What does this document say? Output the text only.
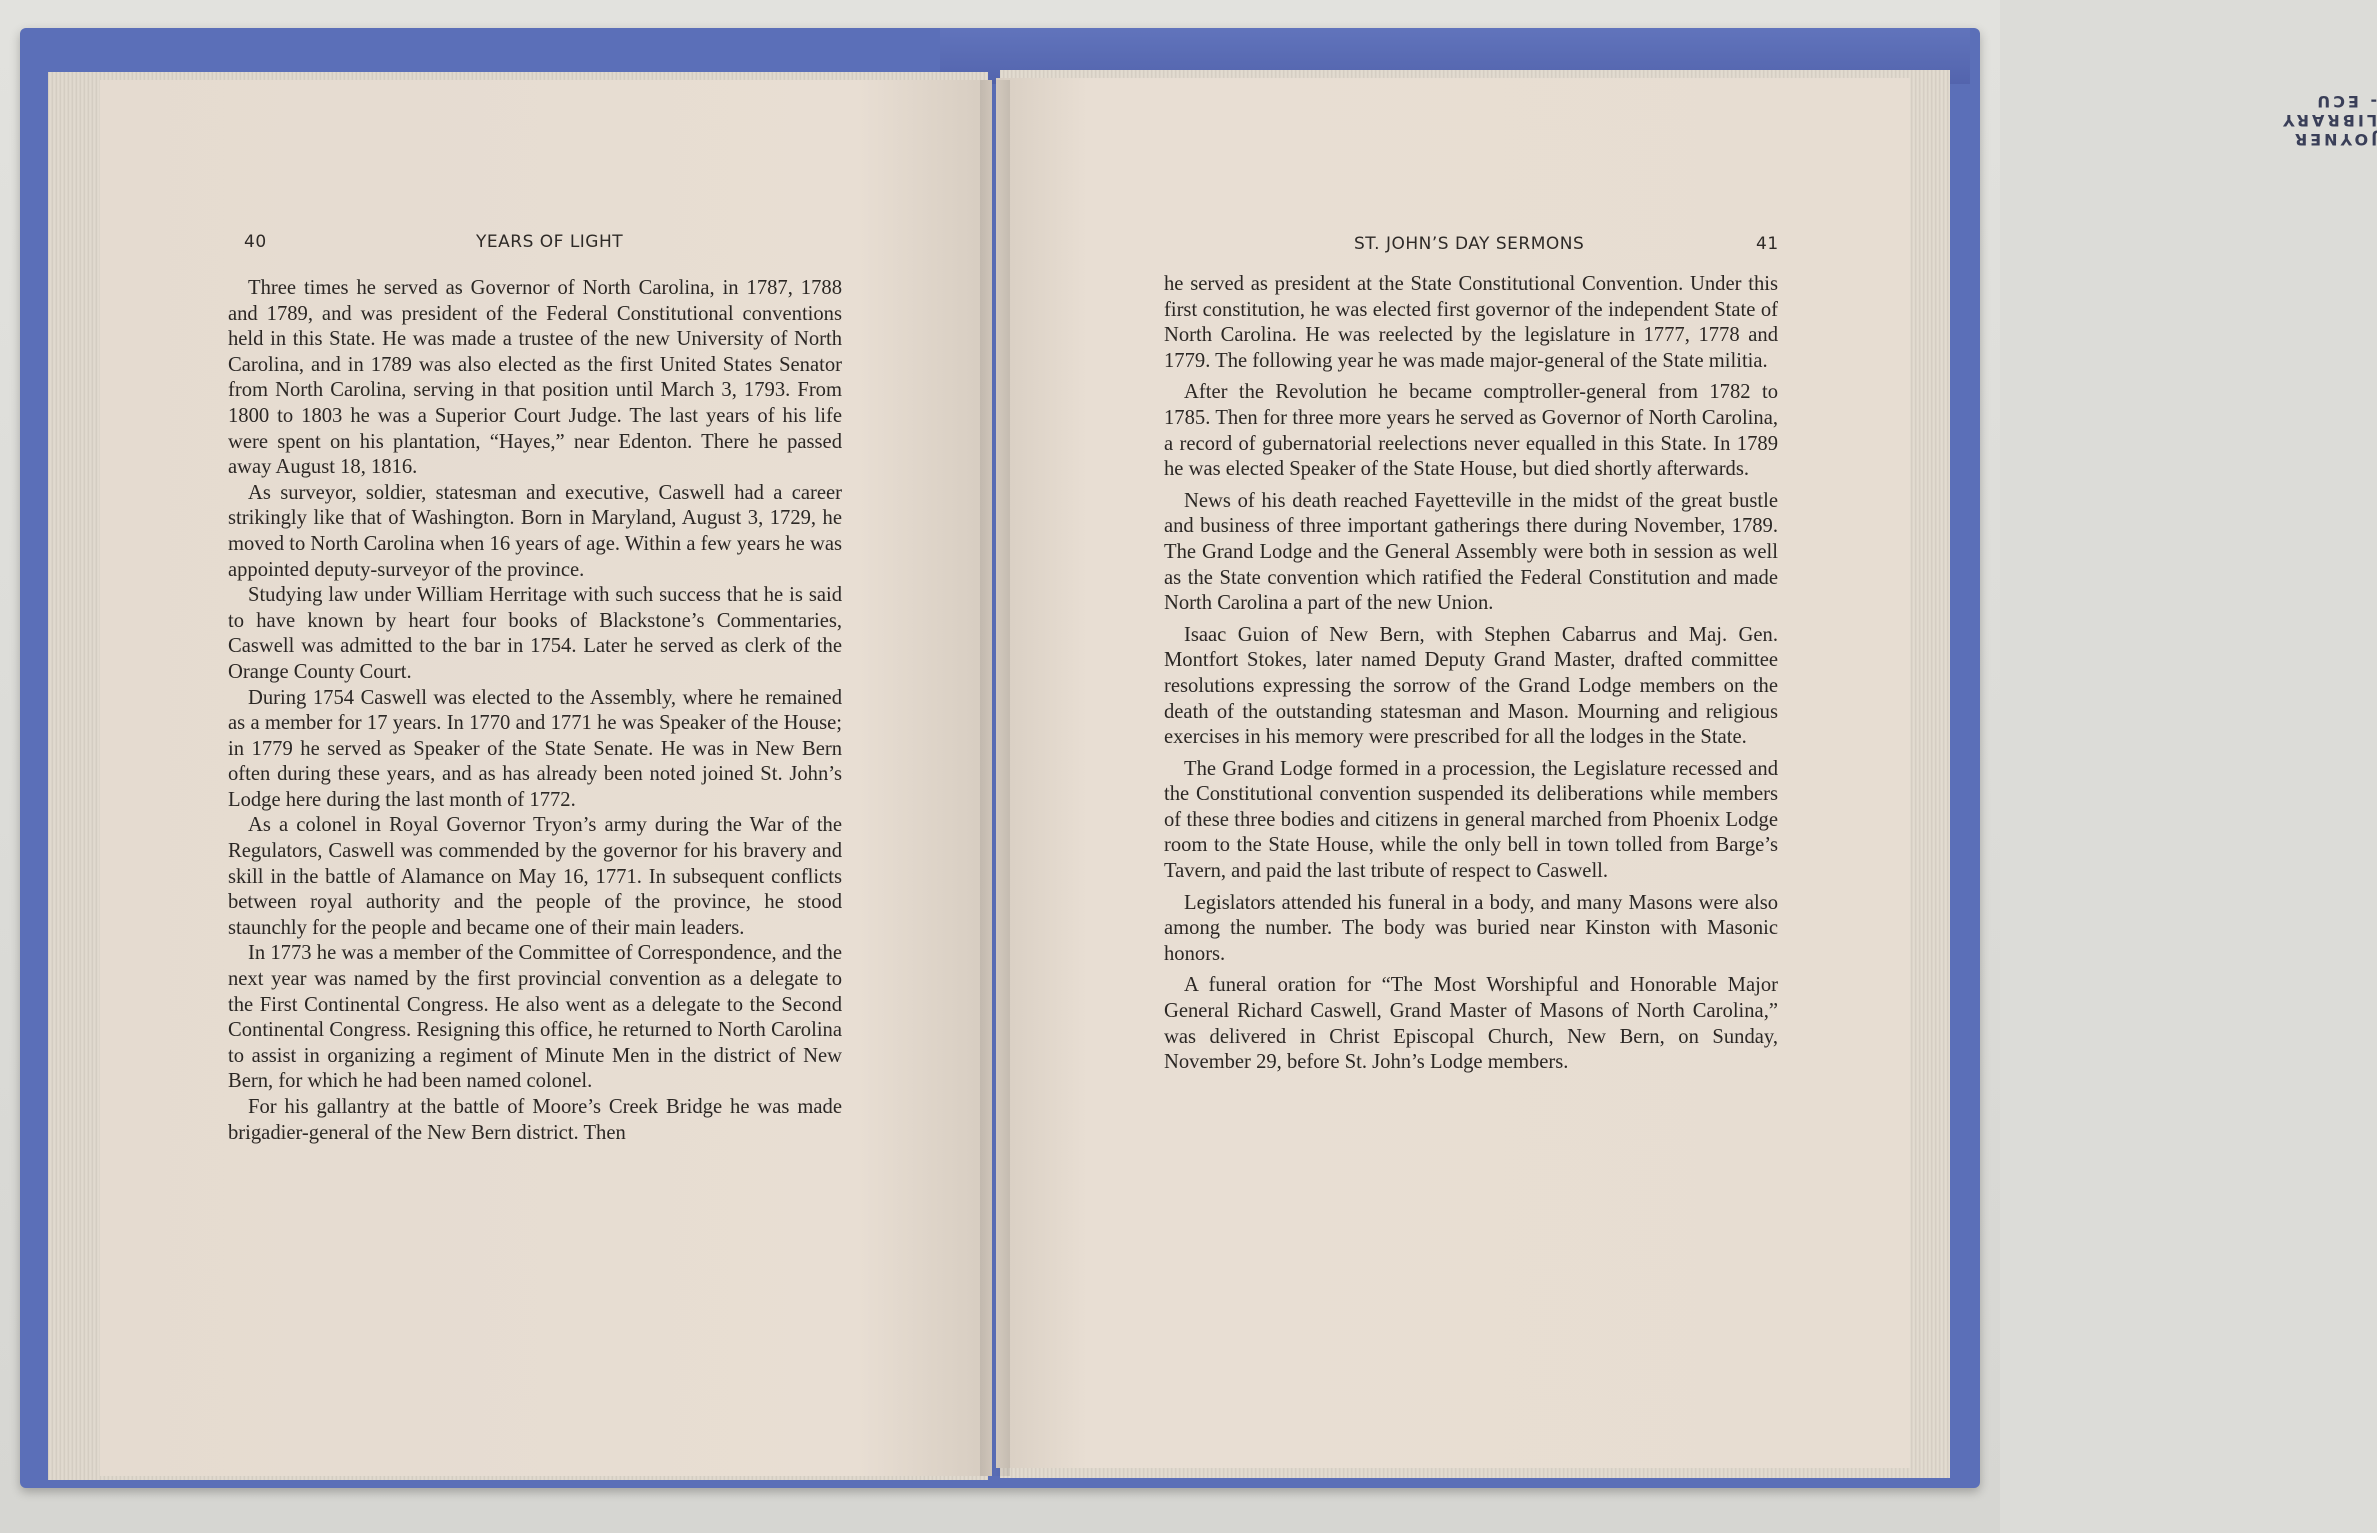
JOYNER LIBRARY - ECU
40	YEARS OF LIGHT

Three times he served as Governor of North Carolina, in 1787, 1788 and 1789, and was president of the Federal Constitutional conventions held in this State. He was made a trustee of the new University of North Carolina, and in 1789 was also elected as the first United States Senator from North Carolina, serving in that position until March 3, 1793. From 1800 to 1803 he was a Superior Court Judge. The last years of his life were spent on his plantation, “Hayes,” near Edenton. There he passed away August 18, 1816.

As surveyor, soldier, statesman and executive, Caswell had a career strikingly like that of Washington. Born in Maryland, August 3, 1729, he moved to North Carolina when 16 years of age. Within a few years he was appointed deputy-surveyor of the province.

Studying law under William Herritage with such success that he is said to have known by heart four books of Blackstone’s Commentaries, Caswell was admitted to the bar in 1754. Later he served as clerk of the Orange County Court.

During 1754 Caswell was elected to the Assembly, where he remained as a member for 17 years. In 1770 and 1771 he was Speaker of the House; in 1779 he served as Speaker of the State Senate. He was in New Bern often during these years, and as has already been noted joined St. John’s Lodge here during the last month of 1772.

As a colonel in Royal Governor Tryon’s army during the War of the Regulators, Caswell was commended by the governor for his bravery and skill in the battle of Alamance on May 16, 1771. In subsequent conflicts between royal authority and the people of the province, he stood staunchly for the people and became one of their main leaders.

In 1773 he was a member of the Committee of Correspondence, and the next year was named by the first provincial convention as a delegate to the First Continental Congress. He also went as a delegate to the Second Continental Congress. Resigning this office, he returned to North Carolina to assist in organizing a regiment of Minute Men in the district of New Bern, for which he had been named colonel.

For his gallantry at the battle of Moore’s Creek Bridge he was made brigadier-general of the New Bern district. Then

ST. JOHN’S DAY SERMONS	41

he served as president at the State Constitutional Convention. Under this first constitution, he was elected first governor of the independent State of North Carolina. He was reelected by the legislature in 1777, 1778 and 1779. The following year he was made major-general of the State militia.

After the Revolution he became comptroller-general from 1782 to 1785. Then for three more years he served as Governor of North Carolina, a record of gubernatorial reelections never equalled in this State. In 1789 he was elected Speaker of the State House, but died shortly afterwards.

News of his death reached Fayetteville in the midst of the great bustle and business of three important gatherings there during November, 1789. The Grand Lodge and the General Assembly were both in session as well as the State convention which ratified the Federal Constitution and made North Carolina a part of the new Union.

Isaac Guion of New Bern, with Stephen Cabarrus and Maj. Gen. Montfort Stokes, later named Deputy Grand Master, drafted committee resolutions expressing the sorrow of the Grand Lodge members on the death of the outstanding statesman and Mason. Mourning and religious exercises in his memory were prescribed for all the lodges in the State.

The Grand Lodge formed in a procession, the Legislature recessed and the Constitutional convention suspended its deliberations while members of these three bodies and citizens in general marched from Phoenix Lodge room to the State House, while the only bell in town tolled from Barge’s Tavern, and paid the last tribute of respect to Caswell.

Legislators attended his funeral in a body, and many Masons were also among the number. The body was buried near Kinston with Masonic honors.

A funeral oration for “The Most Worshipful and Honorable Major General Richard Caswell, Grand Master of Masons of North Carolina,” was delivered in Christ Episcopal Church, New Bern, on Sunday, November 29, before St. John’s Lodge members.
